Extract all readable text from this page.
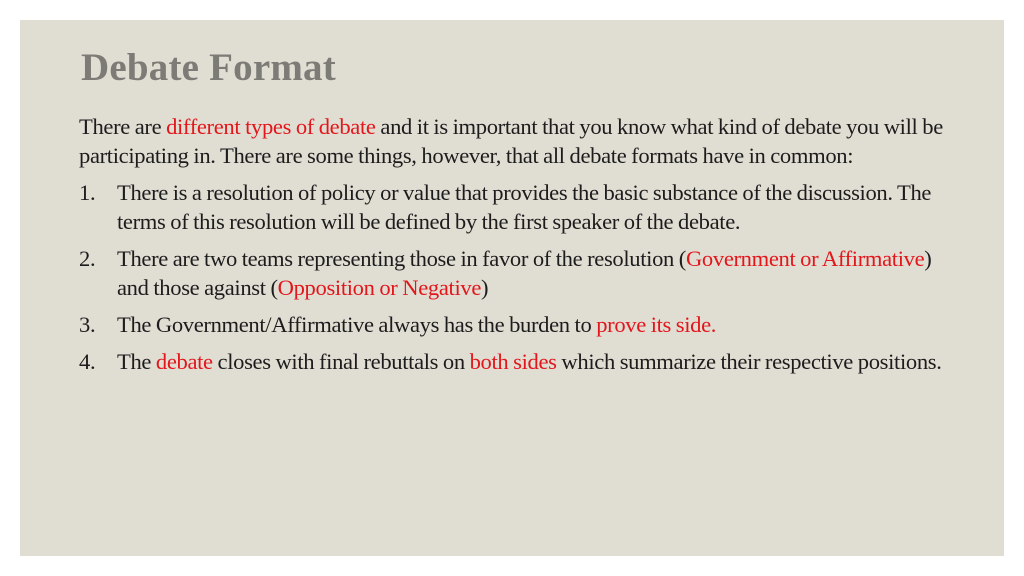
Debate Format

There are different types of debate and it is important that you know what kind of debate you will be participating in. There are some things, however, that all debate formats have in common:

1. There is a resolution of policy or value that provides the basic substance of the discussion. The terms of this resolution will be defined by the first speaker of the debate.
2. There are two teams representing those in favor of the resolution (Government or Affirmative) and those against (Opposition or Negative)
3. The Government/Affirmative always has the burden to prove its side.
4. The debate closes with final rebuttals on both sides which summarize their respective positions.
